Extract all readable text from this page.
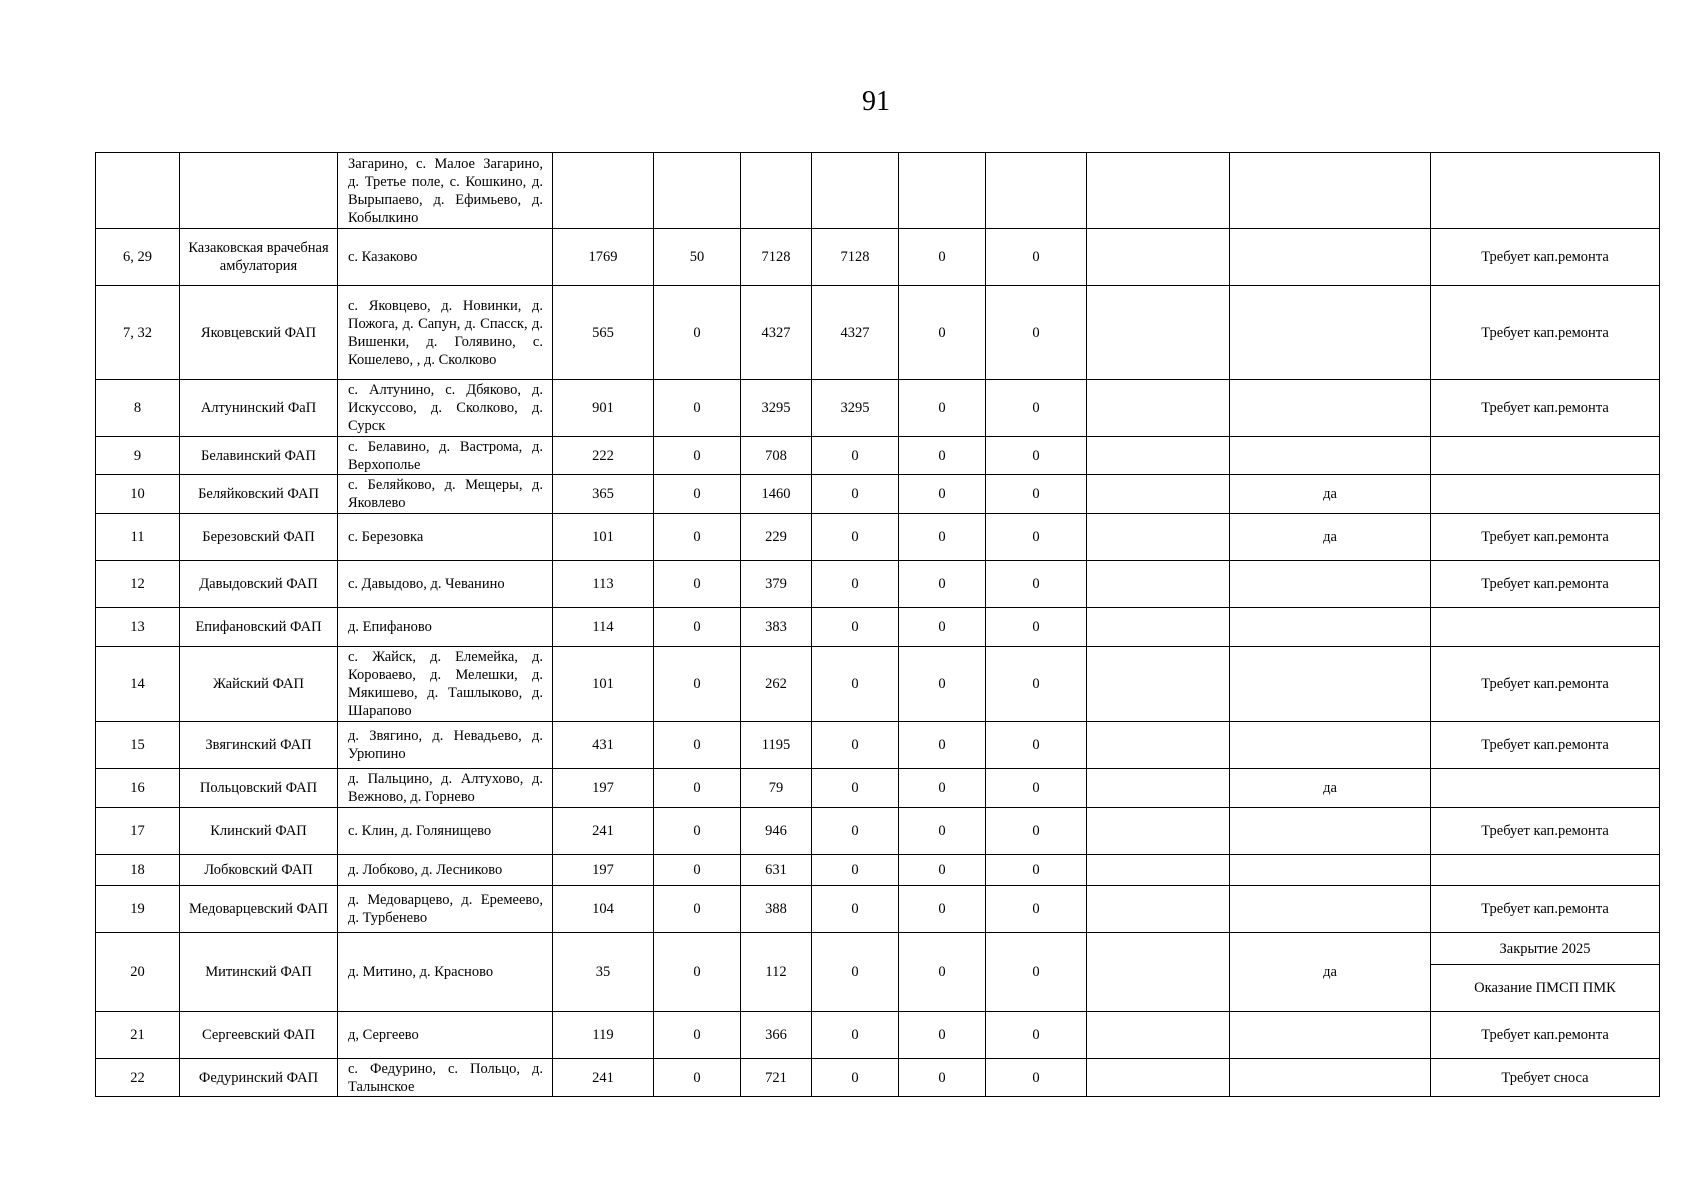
91
		Загарино, с. Малое Загарино, д. Третье поле, с. Кошкино, д. Вырыпаево, д. Ефимьево, д. Кобылкино									
6, 29	Казаковская врачебная амбулатория	с. Казаково	1769	50	7128	7128	0	0			Требует кап.ремонта
7, 32	Яковцевский ФАП	с. Яковцево, д. Новинки, д. Пожога, д. Сапун, д. Спасск, д. Вишенки, д. Голявино, с. Кошелево, , д. Сколково	565	0	4327	4327	0	0			Требует кап.ремонта
8	Алтунинский ФаП	с. Алтунино, с. Дбяково, д. Искуссово, д. Сколково, д. Сурск	901	0	3295	3295	0	0			Требует кап.ремонта
9	Белавинский ФАП	с. Белавино, д. Вастрома, д. Верхополье	222	0	708	0	0	0			
10	Беляйковский ФАП	с. Беляйково, д. Мещеры, д. Яковлево	365	0	1460	0	0	0		да	
11	Березовский ФАП	с. Березовка	101	0	229	0	0	0		да	Требует кап.ремонта
12	Давыдовский ФАП	с. Давыдово, д. Чеванино	113	0	379	0	0	0			Требует кап.ремонта
13	Епифановский ФАП	д. Епифаново	114	0	383	0	0	0			
14	Жайский ФАП	с. Жайск, д. Елемейка, д. Короваево, д. Мелешки, д. Мякишево, д. Ташлыково, д. Шарапово	101	0	262	0	0	0			Требует кап.ремонта
15	Звягинский ФАП	д. Звягино, д. Невадьево, д. Урюпино	431	0	1195	0	0	0			Требует кап.ремонта
16	Польцовский ФАП	д. Пальцино, д. Алтухово, д. Вежново, д. Горнево	197	0	79	0	0	0		да	
17	Клинский ФАП	с. Клин, д. Голянищево	241	0	946	0	0	0			Требует кап.ремонта
18	Лобковский ФАП	д. Лобково, д. Лесниково	197	0	631	0	0	0			
19	Медоварцевский ФАП	д. Медоварцево, д. Еремеево, д. Турбенево	104	0	388	0	0	0			Требует кап.ремонта
20	Митинский ФАП	д. Митино, д. Красново	35	0	112	0	0	0		да	Закрытие 2025
Оказание ПМСП ПМК

21	Сергеевский ФАП	д, Сергеево	119	0	366	0	0	0			Требует кап.ремонта
22	Федуринский ФАП	с. Федурино, с. Польцо, д. Талынское	241	0	721	0	0	0			Требует сноса
